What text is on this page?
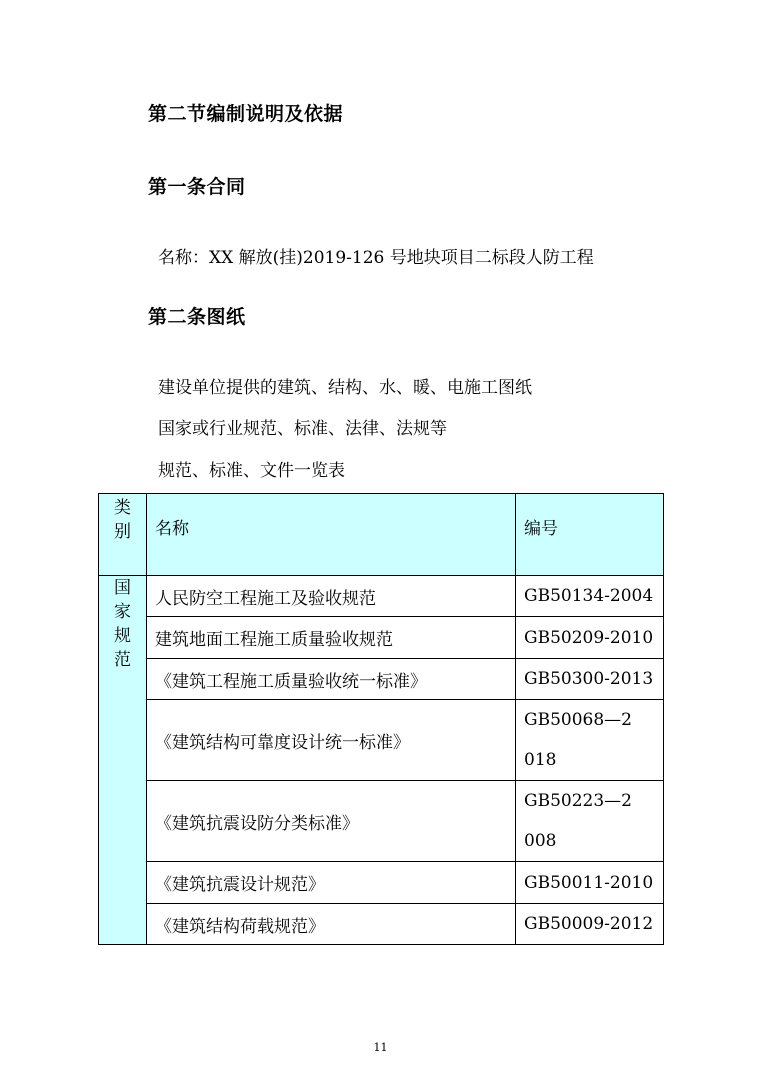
第二节编制说明及依据
第一条合同
名称：XX 解放(挂)2019-126 号地块项目二标段人防工程
第二条图纸
建设单位提供的建筑、结构、水、暖、电施工图纸
国家或行业规范、标准、法律、法规等
规范、标准、文件一览表
类别	名称	编号
国家规范	人民防空工程施工及验收规范	GB50134-2004
	建筑地面工程施工质量验收规范	GB50209-2010
	《建筑工程施工质量验收统一标准》	GB50300-2013
	《建筑结构可靠度设计统一标准》	GB50068—2018

	《建筑抗震设防分类标准》	GB50223—2008

	《建筑抗震设计规范》	GB50011-2010
	《建筑结构荷载规范》	GB50009-2012
11
